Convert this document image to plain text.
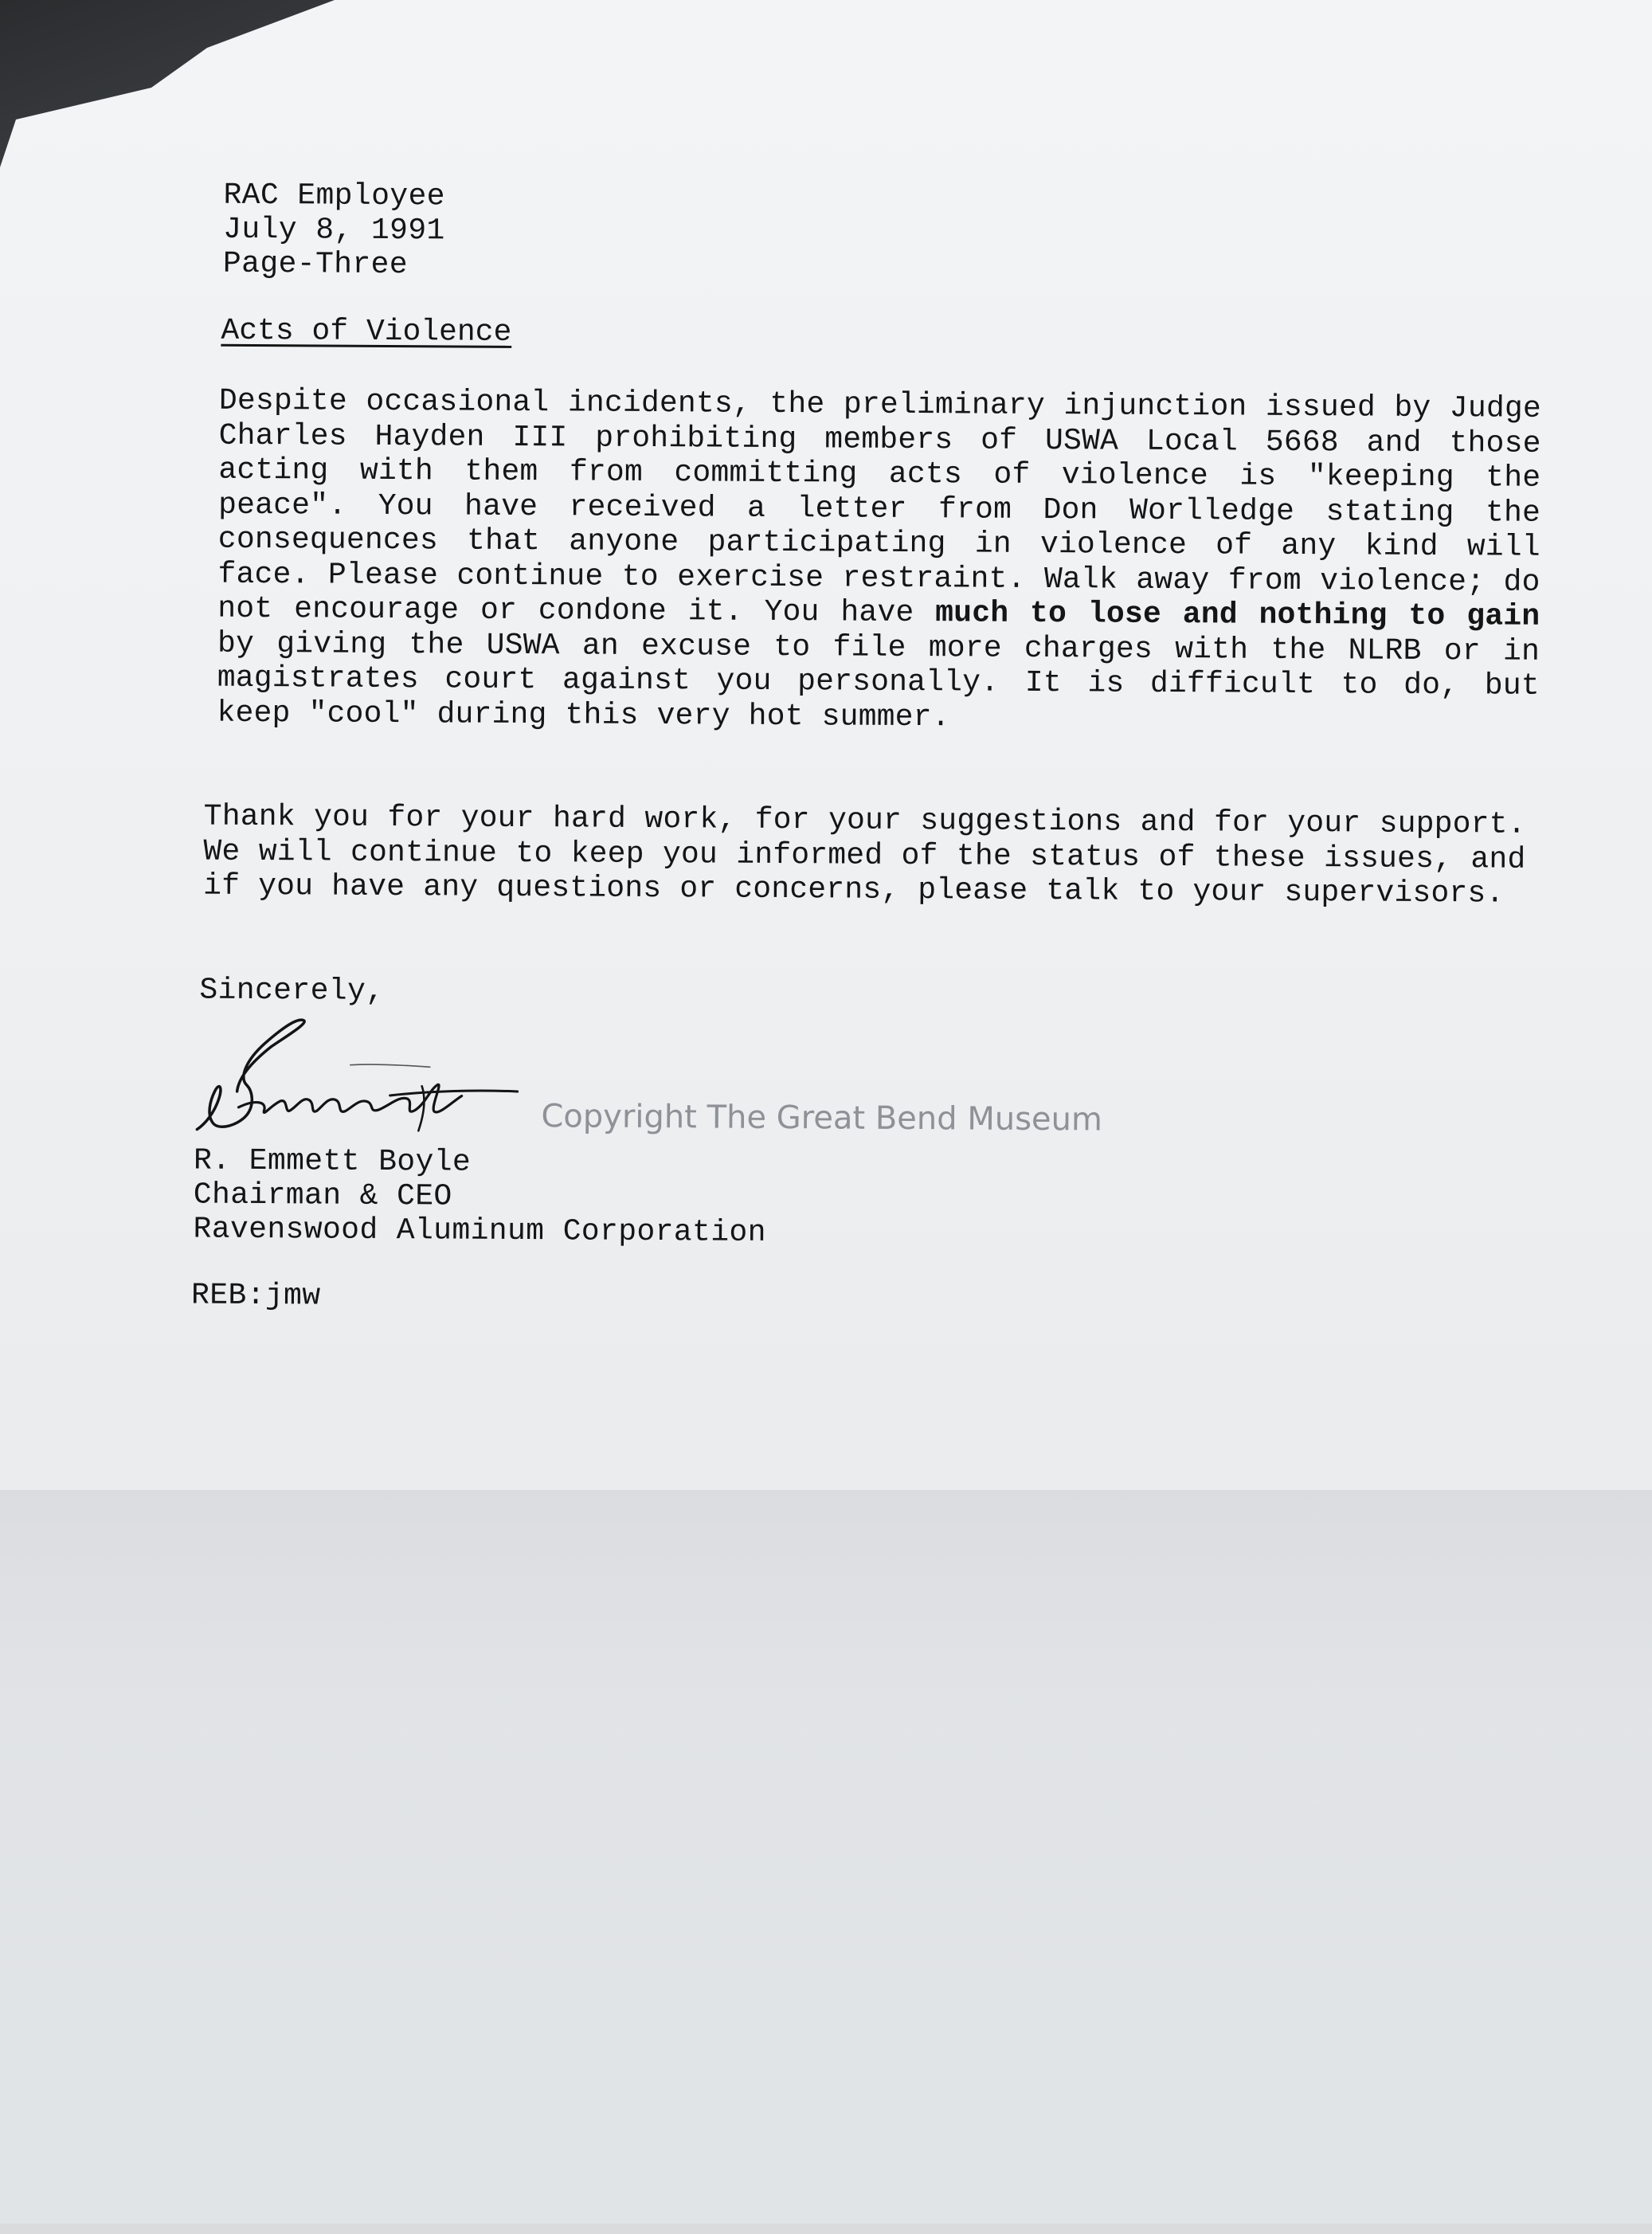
RAC Employee
July 8, 1991
Page-Three
Acts of Violence
Despite occasional incidents, the preliminary injunction issued by Judge Charles Hayden III prohibiting members of USWA Local 5668 and those acting with them from committing acts of violence is "keeping the peace". You have received a letter from Don Worlledge stating the consequences that anyone participating in violence of any kind will face. Please continue to exercise restraint. Walk away from violence; do not encourage or condone it. You have much to lose and nothing to gain by giving the USWA an excuse to file more charges with the NLRB or in magistrates court against you personally. It is difficult to do, but keep "cool" during this very hot summer.
Thank you for your hard work, for your suggestions and for your support. We will continue to keep you informed of the status of these issues, and if you have any questions or concerns, please talk to your supervisors.
Sincerely,
Copyright The Great Bend Museum
R. Emmett Boyle
Chairman & CEO
Ravenswood Aluminum Corporation
REB:jmw
